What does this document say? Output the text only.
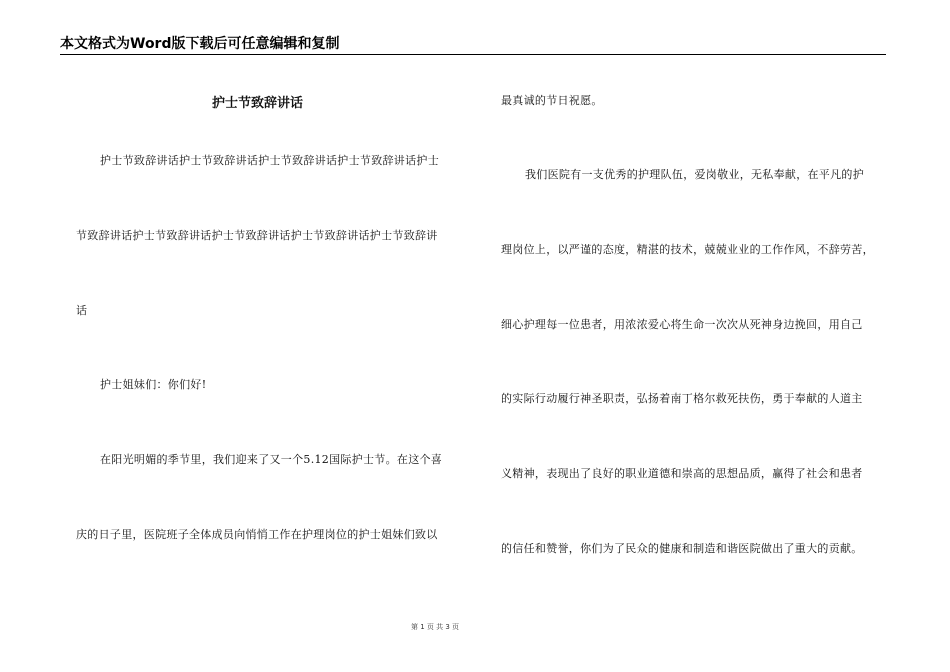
本文格式为Word版下载后可任意编辑和复制
护士节致辞讲话
护士节致辞讲话护士节致辞讲话护士节致辞讲话护士节致辞讲话护士
节致辞讲话护士节致辞讲话护士节致辞讲话护士节致辞讲话护士节致辞讲
话
护士姐妹们：你们好!
在阳光明媚的季节里，我们迎来了又一个5.12国际护士节。在这个喜
庆的日子里，医院班子全体成员向悄悄工作在护理岗位的护士姐妹们致以
最真诚的节日祝愿。
我们医院有一支优秀的护理队伍，爱岗敬业，无私奉献，在平凡的护
理岗位上，以严谨的态度，精湛的技术，兢兢业业的工作作风，不辞劳苦，
细心护理每一位患者，用浓浓爱心将生命一次次从死神身边挽回，用自己
的实际行动履行神圣职责，弘扬着南丁格尔救死扶伤，勇于奉献的人道主
义精神，表现出了良好的职业道德和崇高的思想品质，赢得了社会和患者
的信任和赞誉，你们为了民众的健康和制造和谐医院做出了重大的贡献。
第 1 页 共 3 页
